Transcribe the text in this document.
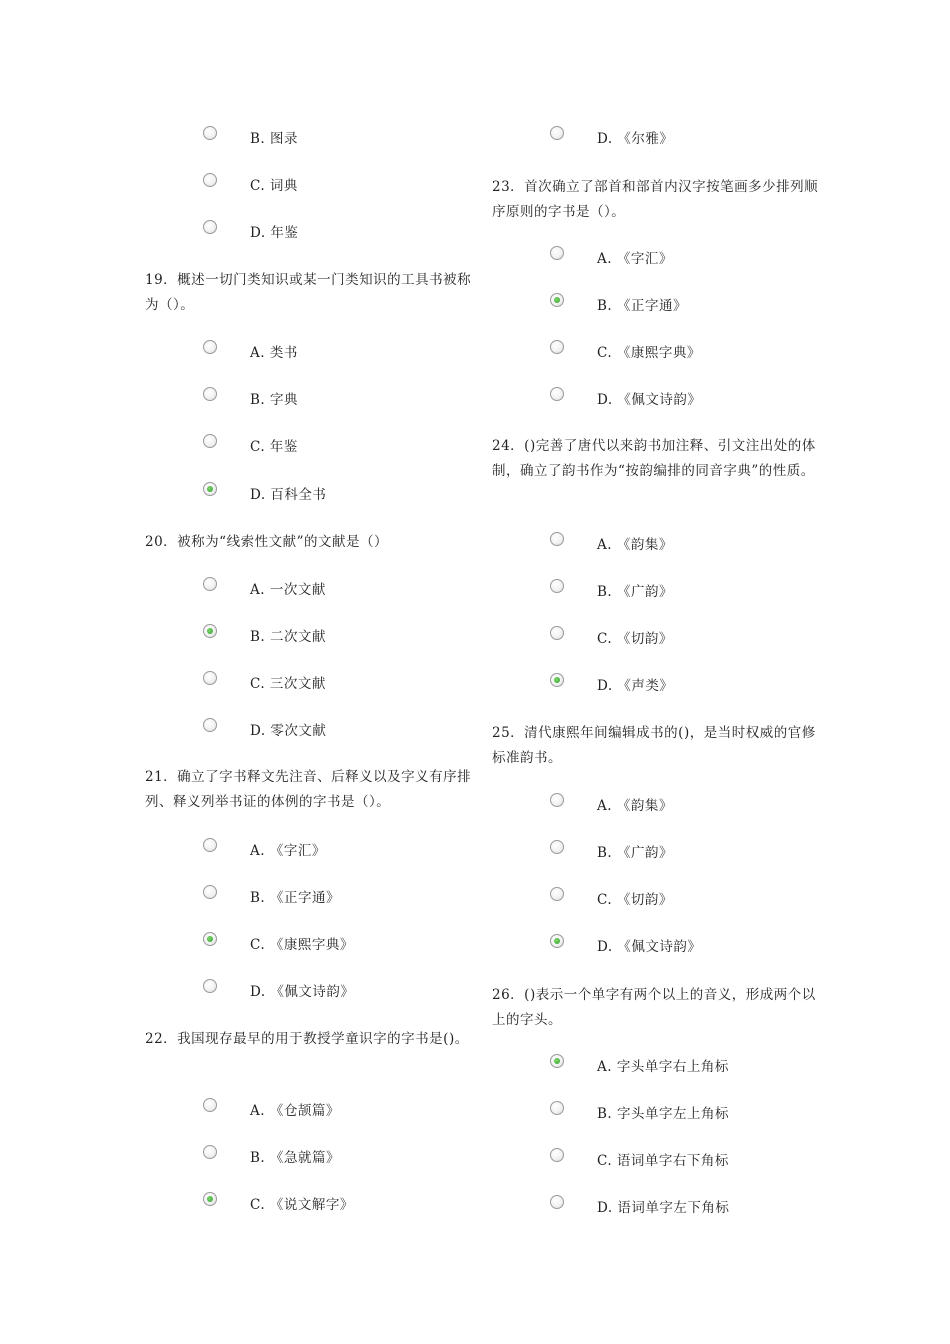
B. 图录
C. 词典
D. 年鉴
19．概述一切门类知识或某一门类知识的工具书被称为（）。
A. 类书
B. 字典
C. 年鉴
D. 百科全书
20．被称为“线索性文献”的文献是（）
A. 一次文献
B. 二次文献
C. 三次文献
D. 零次文献
21．确立了字书释文先注音、后释义以及字义有序排列、释义列举书证的体例的字书是（）。
A. 《字汇》
B. 《正字通》
C. 《康熙字典》
D. 《佩文诗韵》
22．我国现存最早的用于教授学童识字的字书是()。
A. 《仓颉篇》
B. 《急就篇》
C. 《说文解字》
D. 《尔雅》
23．首次确立了部首和部首内汉字按笔画多少排列顺序原则的字书是（）。
A. 《字汇》
B. 《正字通》
C. 《康熙字典》
D. 《佩文诗韵》
24．()完善了唐代以来韵书加注释、引文注出处的体制，确立了韵书作为“按韵编排的同音字典”的性质。
A. 《韵集》
B. 《广韵》
C. 《切韵》
D. 《声类》
25．清代康熙年间编辑成书的()，是当时权威的官修标准韵书。
A. 《韵集》
B. 《广韵》
C. 《切韵》
D. 《佩文诗韵》
26．()表示一个单字有两个以上的音义，形成两个以上的字头。
A. 字头单字右上角标
B. 字头单字左上角标
C. 语词单字右下角标
D. 语词单字左下角标
